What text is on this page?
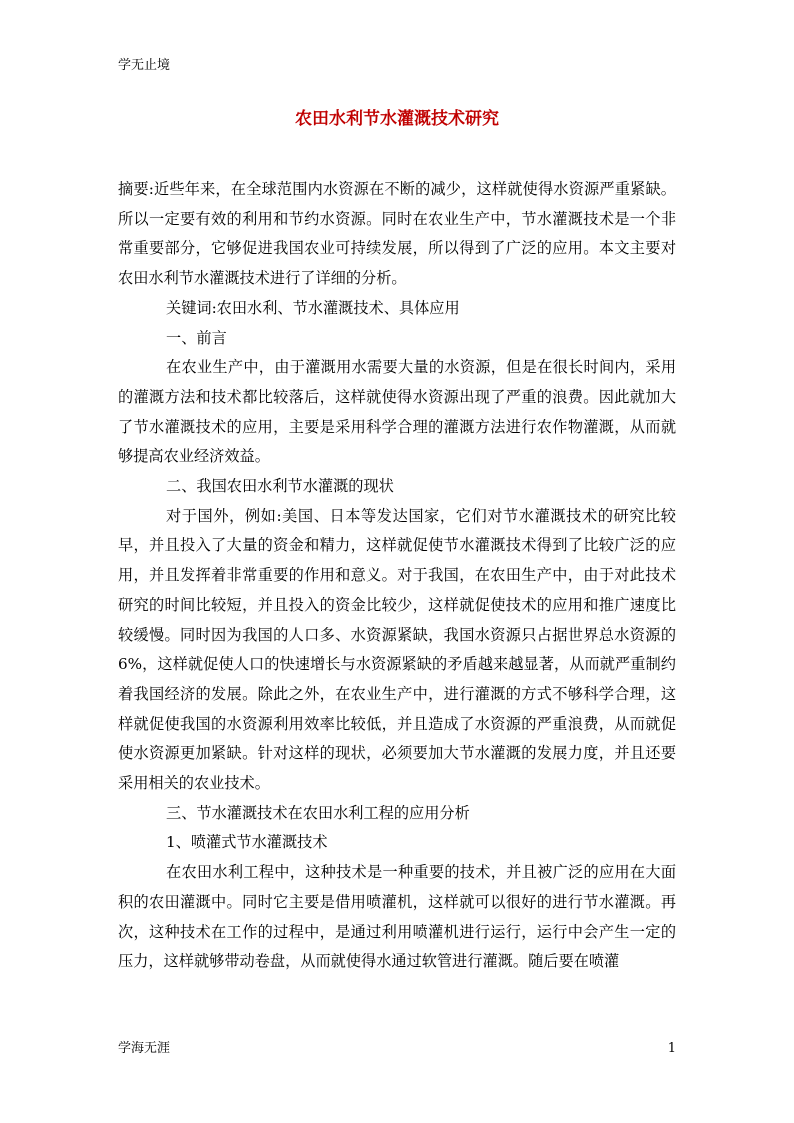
学无止境
农田水利节水灌溉技术研究

摘要:近些年来，在全球范围内水资源在不断的减少，这样就使得水资源严重紧缺。所以一定要有效的利用和节约水资源。同时在农业生产中，节水灌溉技术是一个非常重要部分，它够促进我国农业可持续发展，所以得到了广泛的应用。本文主要对农田水利节水灌溉技术进行了详细的分析。

关键词:农田水利、节水灌溉技术、具体应用

一、前言

在农业生产中，由于灌溉用水需要大量的水资源，但是在很长时间内，采用的灌溉方法和技术都比较落后，这样就使得水资源出现了严重的浪费。因此就加大了节水灌溉技术的应用，主要是采用科学合理的灌溉方法进行农作物灌溉，从而就够提高农业经济效益。

二、我国农田水利节水灌溉的现状

对于国外，例如:美国、日本等发达国家，它们对节水灌溉技术的研究比较早，并且投入了大量的资金和精力，这样就促使节水灌溉技术得到了比较广泛的应用，并且发挥着非常重要的作用和意义。对于我国，在农田生产中，由于对此技术研究的时间比较短，并且投入的资金比较少，这样就促使技术的应用和推广速度比较缓慢。同时因为我国的人口多、水资源紧缺，我国水资源只占据世界总水资源的6%，这样就促使人口的快速增长与水资源紧缺的矛盾越来越显著，从而就严重制约着我国经济的发展。除此之外，在农业生产中，进行灌溉的方式不够科学合理，这样就促使我国的水资源利用效率比较低，并且造成了水资源的严重浪费，从而就促使水资源更加紧缺。针对这样的现状，必须要加大节水灌溉的发展力度，并且还要采用相关的农业技术。

三、节水灌溉技术在农田水利工程的应用分析

1、喷灌式节水灌溉技术

在农田水利工程中，这种技术是一种重要的技术，并且被广泛的应用在大面积的农田灌溉中。同时它主要是借用喷灌机，这样就可以很好的进行节水灌溉。再次，这种技术在工作的过程中，是通过利用喷灌机进行运行，运行中会产生一定的压力，这样就够带动卷盘，从而就使得水通过软管进行灌溉。随后要在喷灌

学海无涯	1
